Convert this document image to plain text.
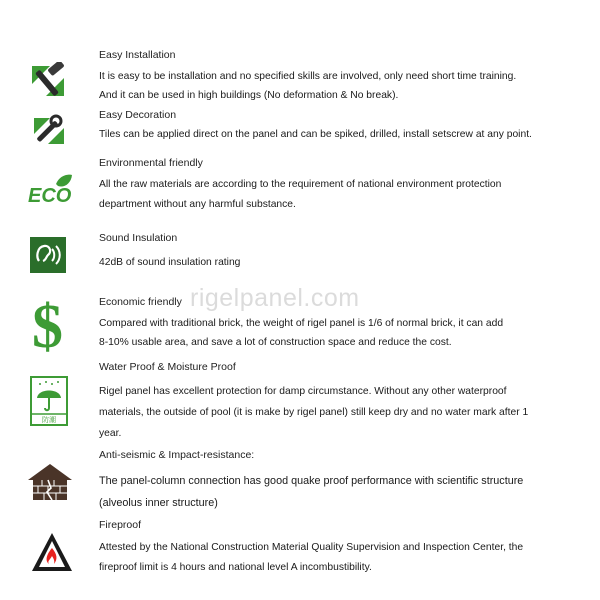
Easy Installation
It is easy to be installation and no specified skills are involved, only need short time training.
And it can be used in high buildings (No deformation & No break).
Easy Decoration
Tiles can be applied direct on the panel and can be spiked, drilled, install setscrew at any point.
ECO
Environmental friendly
All the raw materials are according to the requirement of national environment protection
department without any harmful substance.
Sound Insulation
42dB of sound insulation rating
$	Economic friendly
Compared with traditional brick, the weight of rigel panel is 1/6 of normal brick, it can add
8-10% usable area, and save a lot of construction space and reduce the cost.
防潮
Water Proof & Moisture Proof
Rigel panel has excellent protection for damp circumstance. Without any other waterproof
materials, the outside of pool (it is make by rigel panel) still keep dry and no water mark after 1
year.
Anti-seismic & Impact-resistance:
The panel-column connection has good quake proof performance with scientific structure
(alveolus inner structure)
Fireproof
Attested by the National Construction Material Quality Supervision and Inspection Center, the
fireproof limit is 4 hours and national level A incombustibility.
rigelpanel.com
